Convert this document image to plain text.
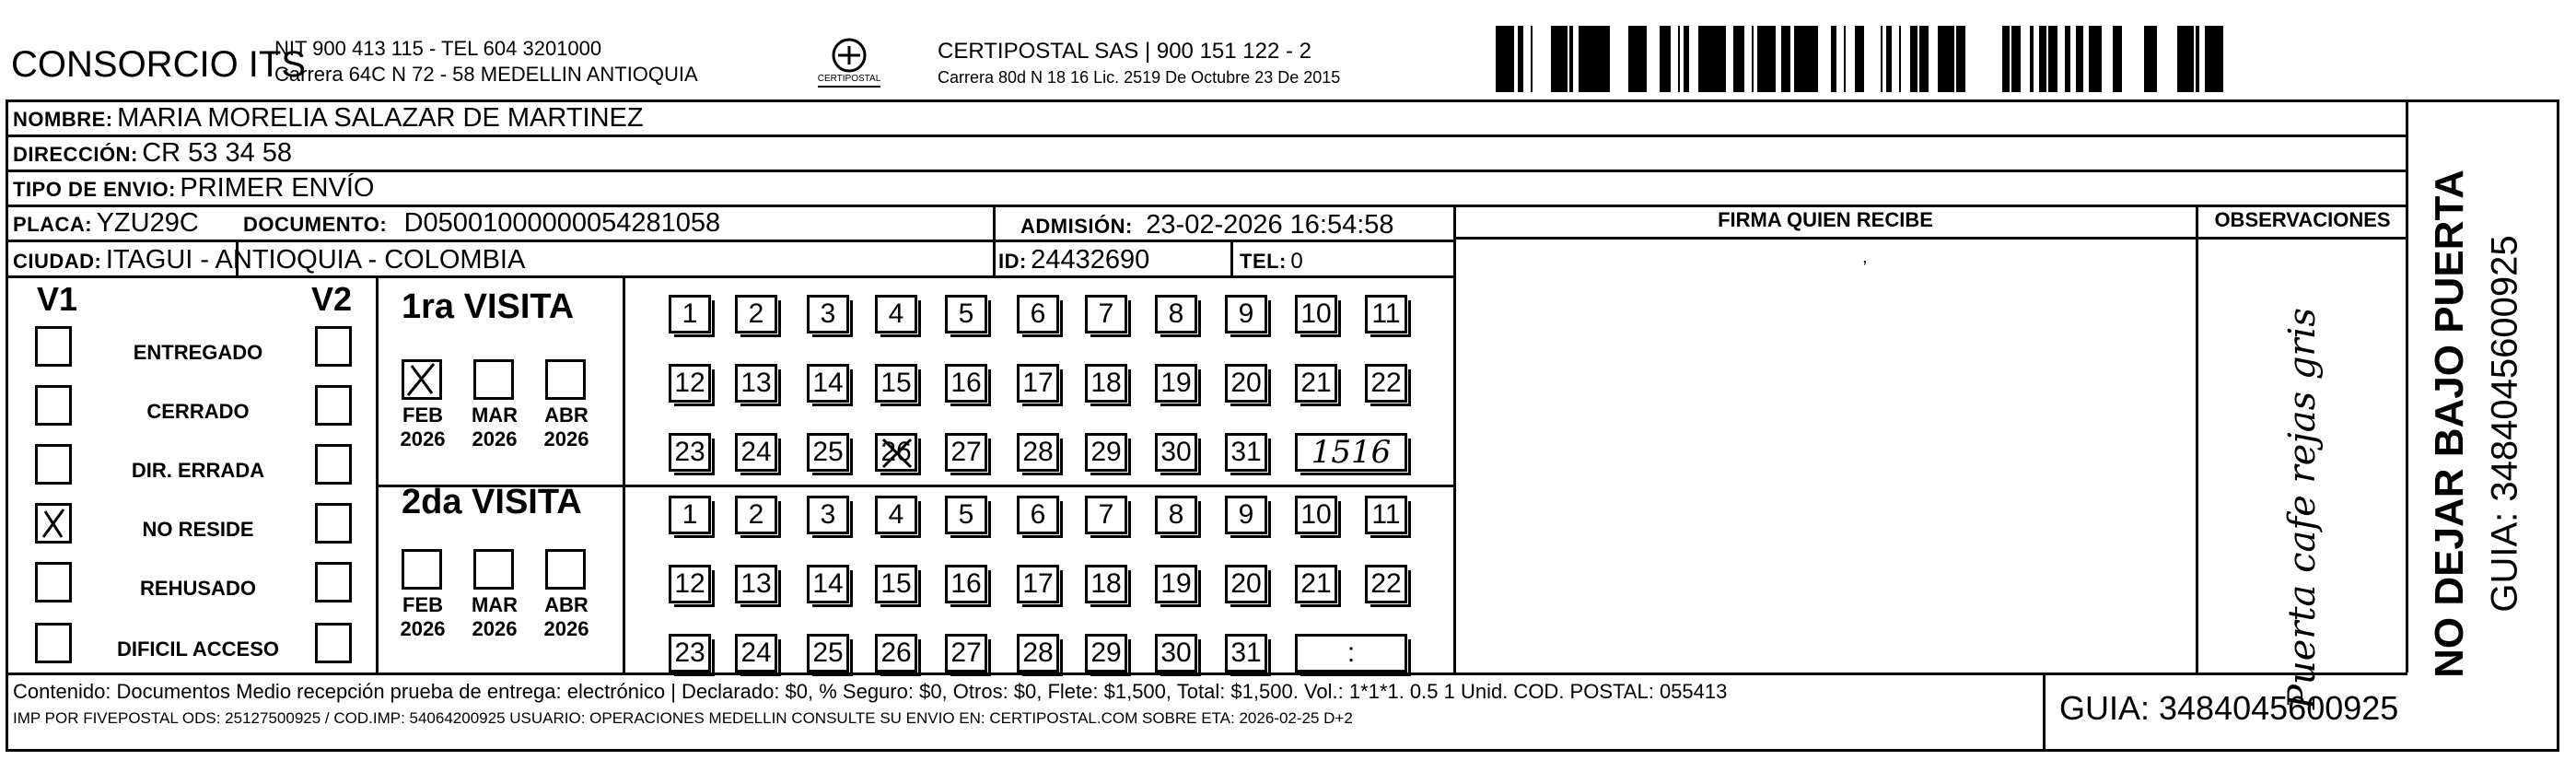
CONSORCIO ITS
NIT 900 413 115 - TEL 604 3201000
Carrera 64C N 72 - 58 MEDELLIN ANTIOQUIA	CERTIPOSTAL
CERTIPOSTAL SAS | 900 151 122 - 2
Carrera 80d N 18 16 Lic. 2519 De Octubre 23 De 2015
NOMBRE: MARIA MORELIA SALAZAR DE MARTINEZ
DIRECCIÓN: CR 53 34 58
TIPO DE ENVIO: PRIMER ENVÍO
PLACA: YZU29C DOCUMENTO: D05001000000054281058	ADMISIÓN: 23-02-2026 16:54:58
CIUDAD: ITAGUI - ANTIOQUIA - COLOMBIA	ID: 24432690	TEL: 0
FIRMA QUIEN RECIBE	OBSERVACIONES
,
Puerta cafe rejas gris	NO DEJAR BAJO PUERTA GUIA: 3484045600925
V1	V2
ENTREGADO
CERRADO
DIR. ERRADA
NO RESIDE
REHUSADO
DIFICIL ACCESO
1ra VISITA
FEB
2026
MAR
2026
ABR
2026
1 2 3 4 5 6 7 8 9 10 11
12 13 14 15 16 17 18 19 20 21 22
23 24 25 26 27 28 29 30 31 1516
2da VISITA
FEB
2026
MAR
2026
ABR
2026
1 2 3 4 5 6 7 8 9 10 11
12 13 14 15 16 17 18 19 20 21 22
23 24 25 26 27 28 29 30 31	:
Contenido: Documentos Medio recepción prueba de entrega: electrónico | Declarado: $0, % Seguro: $0, Otros: $0, Flete: $1,500, Total: $1,500. Vol.: 1*1*1. 0.5 1 Unid. COD. POSTAL: 055413
IMP POR FIVEPOSTAL ODS: 25127500925 / COD.IMP: 54064200925 USUARIO: OPERACIONES MEDELLIN CONSULTE SU ENVIO EN: CERTIPOSTAL.COM SOBRE ETA: 2026-02-25 D+2	GUIA: 3484045600925
